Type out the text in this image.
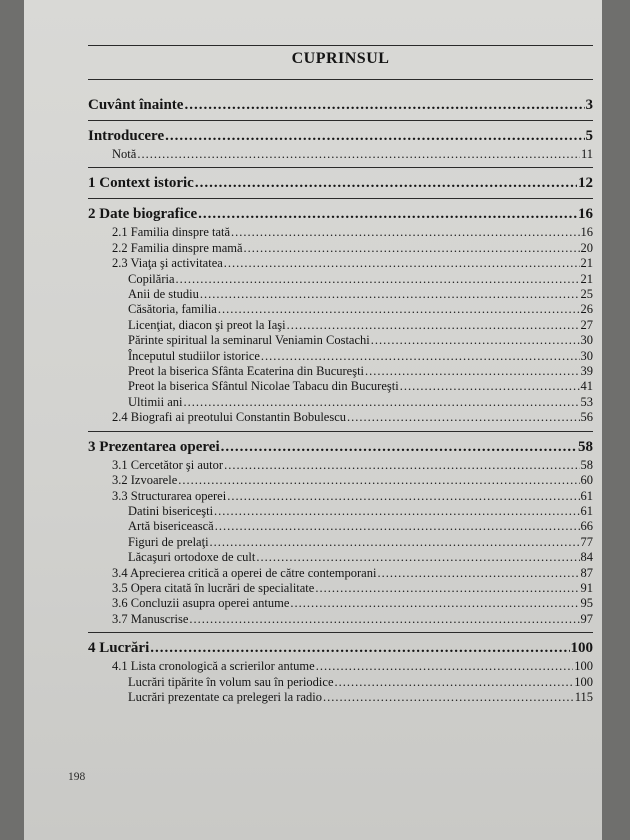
CUPRINSUL
Cuvânt înainte .....	3
Introducere .....	5
Notă .....	11
1 Context istoric .....	12
2 Date biografice .....	16
2.1 Familia dinspre tată .....	16
2.2 Familia dinspre mamă .....	20
2.3 Viaţa şi activitatea .....	21
Copilăria .....	21
Anii de studiu .....	25
Căsătoria, familia .....	26
Licenţiat, diacon şi preot la Iaşi .....	27
Părinte spiritual la seminarul Veniamin Costachi .....	30
Începutul studiilor istorice .....	30
Preot la biserica Sfânta Ecaterina din Bucureşti .....	39
Preot la biserica Sfântul Nicolae Tabacu din Bucureşti .....	41
Ultimii ani .....	53
2.4 Biografi ai preotului Constantin Bobulescu .....	56
3 Prezentarea operei .....	58
3.1 Cercetător şi autor .....	58
3.2 Izvoarele .....	60
3.3 Structurarea operei .....	61
Datini bisericeşti .....	61
Artă bisericească .....	66
Figuri de prelaţi .....	77
Lăcaşuri ortodoxe de cult .....	84
3.4 Aprecierea critică a operei de către contemporani .....	87
3.5 Opera citată în lucrări de specialitate .....	91
3.6 Concluzii asupra operei antume .....	95
3.7 Manuscrise .....	97
4 Lucrări .....	100
4.1 Lista cronologică a scrierilor antume .....	100
Lucrări tipărite în volum sau în periodice .....	100
Lucrări prezentate ca prelegeri la radio .....	115
198
